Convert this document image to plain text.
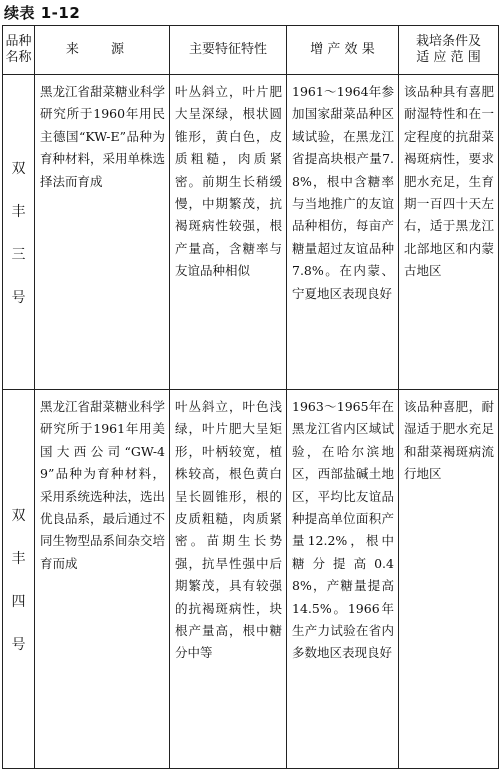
续表 1-12
品种
名称	来 源	主要特征特性	增 产 效 果	栽培条件及
适 应 范 围

双
丰
三
号	黑龙江省甜菜糖业科学研究所于1960年用民主德国“KW-E”品种为育种材料，采用单株选择法而育成	叶丛斜立，叶片肥大呈深绿，根状圆锥形，黄白色，皮质粗糙，肉质紧密。前期生长稍缓慢，中期繁茂，抗褐斑病性较强，根产量高，含糖率与友谊品种相似	1961～1964年参加国家甜菜品种区域试验，在黑龙江省提高块根产量7.8%，根中含糖率与当地推广的友谊品种相仿，每亩产糖量超过友谊品种7.8%。在内蒙、宁夏地区表现良好	该品种具有喜肥耐湿特性和在一定程度的抗甜菜褐斑病性，要求肥水充足，生育期一百四十天左右，适于黑龙江北部地区和内蒙古地区

双
丰
四
号	黑龙江省甜菜糖业科学研究所于1961年用美国大西公司“GW-49”品种为育种材料，采用系统选种法，选出优良品系，最后通过不同生物型品系间杂交培育而成	叶丛斜立，叶色浅绿，叶片肥大呈矩形，叶柄较宽，植株较高，根色黄白呈长圆锥形，根的皮质粗糙，肉质紧密。苗期生长势强，抗旱性强中后期繁茂，具有较强的抗褐斑病性，块根产量高，根中糖分中等	1963～1965年在黑龙江省内区域试验，在哈尔滨地区，西部盐碱土地区，平均比友谊品种提高单位面积产量12.2%，根中糖分提高0.48%，产糖量提高14.5%。1966年生产力试验在省内多数地区表现良好	该品种喜肥，耐湿适于肥水充足和甜菜褐斑病流行地区
